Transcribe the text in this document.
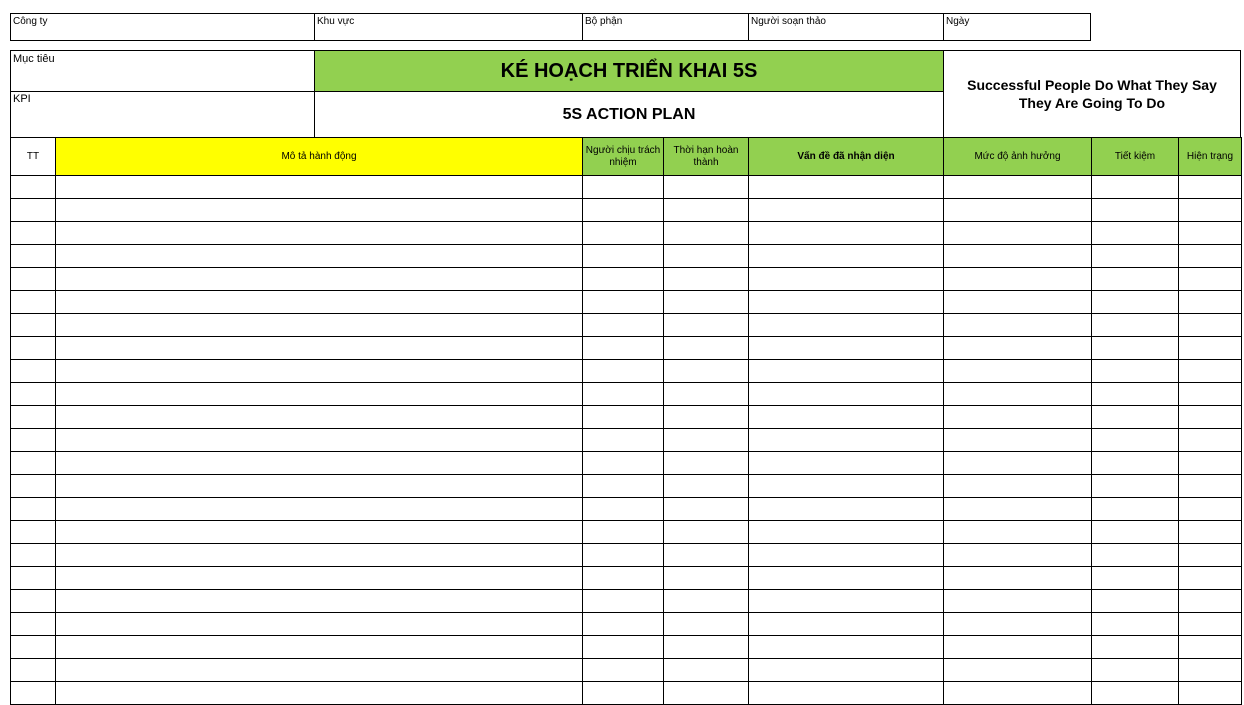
Công ty	Khu vực	Bộ phận	Người soạn thảo	Ngày
Mục tiêu
KPI
KÉ HOẠCH TRIỂN KHAI 5S
5S ACTION PLAN
Successful People Do What They Say They Are Going To Do
TT	Mô tả hành động	Người chịu trách nhiệm	Thời hạn hoàn thành	Vấn đề đã nhận diện	Mức độ ảnh hưởng	Tiết kiệm	Hiện trạng
